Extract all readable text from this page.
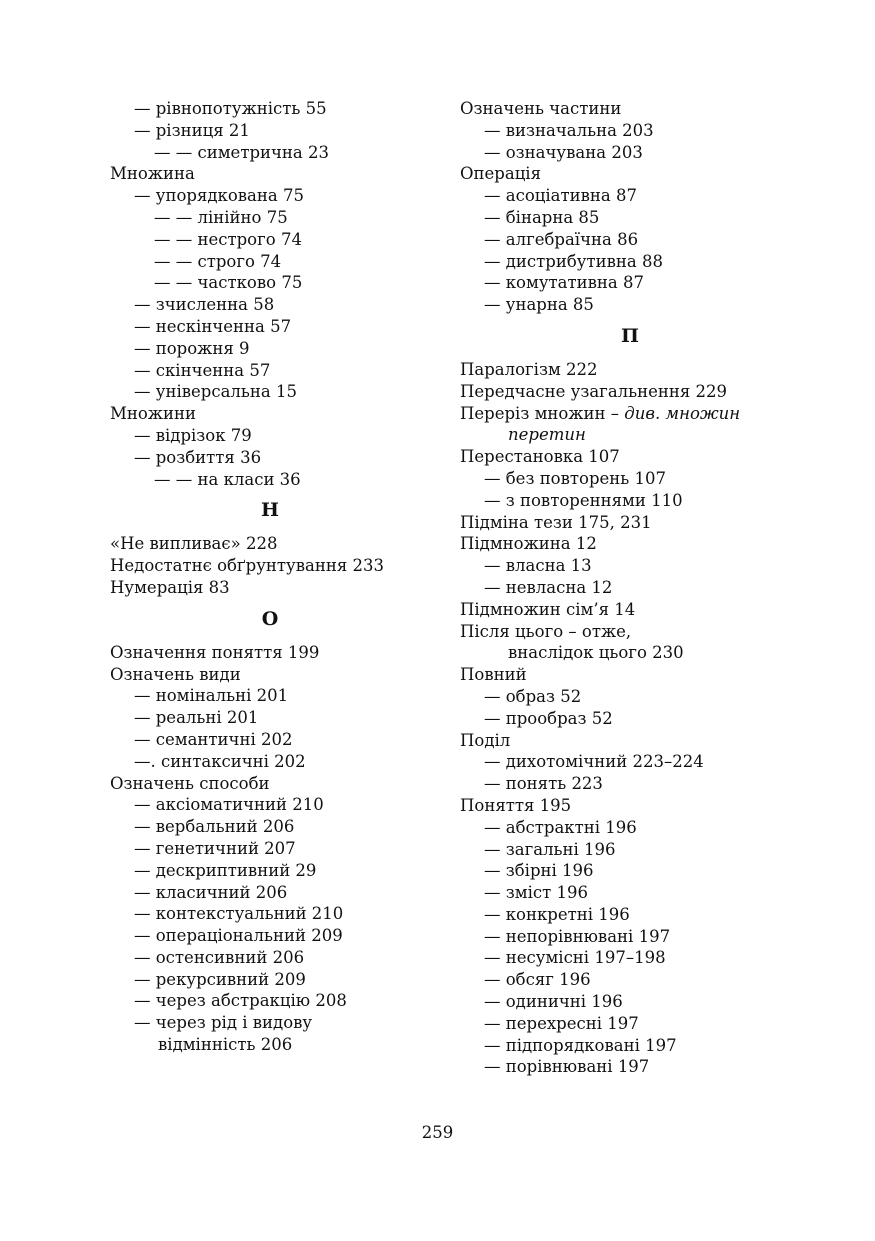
— рівнопотужність 55
— різниця 21
— — симетрична 23
Множина
— упорядкована 75
— — лінійно 75
— — нестрого 74
— — строго 74
— — частково 75
— зчисленна 58
— нескінченна 57
— порожня 9
— скінченна 57
— універсальна 15
Множини
— відрізок 79
— розбиття 36
— — на класи 36
Н
«Не випливає» 228
Недостатнє обґрунтування 233
Нумерація 83
О
Означення поняття 199
Означень види
— номінальні 201
— реальні 201
— семантичні 202
—. синтаксичні 202
Означень способи
— аксіоматичний 210
— вербальний 206
— генетичний 207
— дескриптивний 29
— класичний 206
— контекстуальний 210
— операціональний 209
— остенсивний 206
— рекурсивний 209
— через абстракцію 208
— через рід і видову
відмінність 206
Означень частини
— визначальна 203
— означувана 203
Операція
— асоціативна 87
— бінарна 85
— алгебраїчна 86
— дистрибутивна 88
— комутативна 87
— унарна 85
П
Паралогізм 222
Передчасне узагальнення 229
Переріз множин – див. множин
перетин
Перестановка 107
— без повторень 107
— з повтореннями 110
Підміна тези 175, 231
Підмножина 12
— власна 13
— невласна 12
Підмножин сім’я 14
Після цього – отже,
внаслідок цього 230
Повний
— образ 52
— прообраз 52
Поділ
— дихотомічний 223–224
— понять 223
Поняття 195
— абстрактні 196
— загальні 196
— збірні 196
— зміст 196
— конкретні 196
— непорівнювані 197
— несумісні 197–198
— обсяг 196
— одиничні 196
— перехресні 197
— підпорядковані 197
— порівнювані 197
259
